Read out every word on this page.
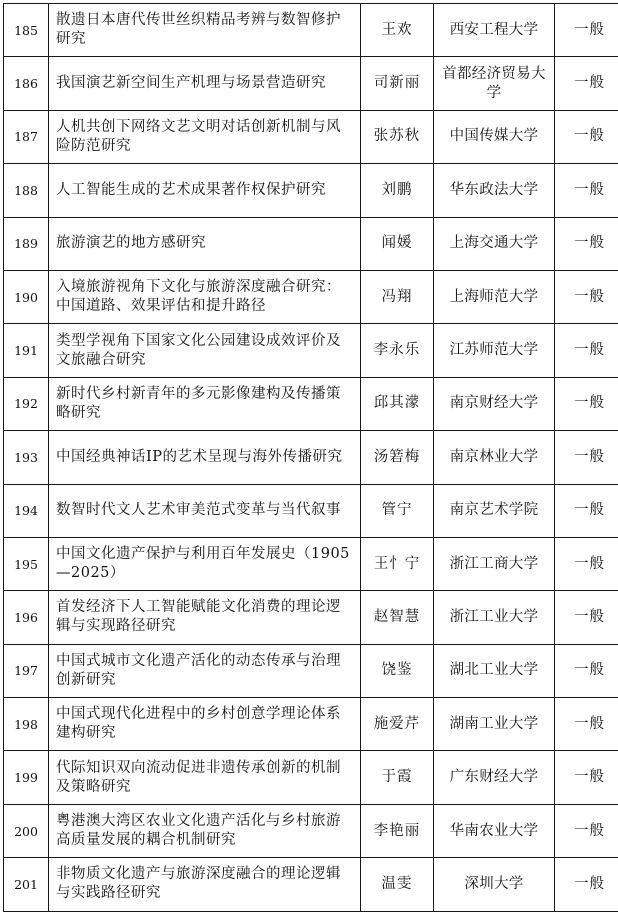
185	散遗日本唐代传世丝织精品考辨与数智修护研究	王欢	西安工程大学	一般
186	我国演艺新空间生产机理与场景营造研究	司新丽	首都经济贸易大学	一般
187	人机共创下网络文艺文明对话创新机制与风险防范研究	张苏秋	中国传媒大学	一般
188	人工智能生成的艺术成果著作权保护研究	刘鹏	华东政法大学	一般
189	旅游演艺的地方感研究	闻媛	上海交通大学	一般
190	入境旅游视角下文化与旅游深度融合研究：中国道路、效果评估和提升路径	冯翔	上海师范大学	一般
191	类型学视角下国家文化公园建设成效评价及文旅融合研究	李永乐	江苏师范大学	一般
192	新时代乡村新青年的多元影像建构及传播策略研究	邱其濛	南京财经大学	一般
193	中国经典神话IP的艺术呈现与海外传播研究	汤箬梅	南京林业大学	一般
194	数智时代文人艺术审美范式变革与当代叙事	管宁	南京艺术学院	一般
195	中国文化遗产保护与利用百年发展史（1905—2025）	王忄宁	浙江工商大学	一般
196	首发经济下人工智能赋能文化消费的理论逻辑与实现路径研究	赵智慧	浙江工业大学	一般
197	中国式城市文化遗产活化的动态传承与治理创新研究	饶鉴	湖北工业大学	一般
198	中国式现代化进程中的乡村创意学理论体系建构研究	施爱芹	湖南工业大学	一般
199	代际知识双向流动促进非遗传承创新的机制及策略研究	于霞	广东财经大学	一般
200	粤港澳大湾区农业文化遗产活化与乡村旅游高质量发展的耦合机制研究	李艳丽	华南农业大学	一般
201	非物质文化遗产与旅游深度融合的理论逻辑与实践路径研究	温雯	深圳大学	一般
